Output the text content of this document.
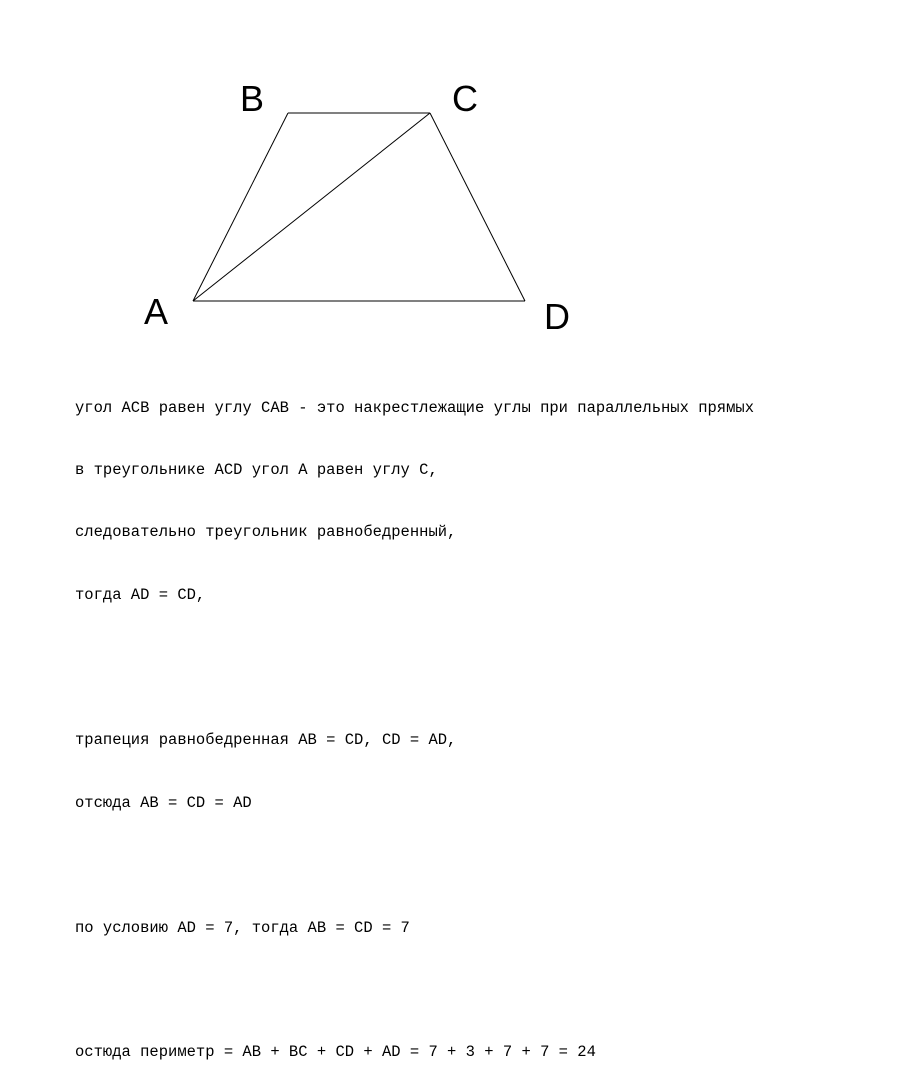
B	C
A	D

угол АСВ равен углу САВ - это накрестлежащие углы при параллельных прямых

в треугольнике АСD угол А равен углу С,

следовательно треугольник равнобедренный,

тогда AD = CD,

трапеция равнобедренная AB = CD, CD = AD,

отсюда AB = CD = AD

по условию AD = 7, тогда AB = CD = 7

остюда периметр = AB + BC + CD + AD = 7 + 3 + 7 + 7 = 24
